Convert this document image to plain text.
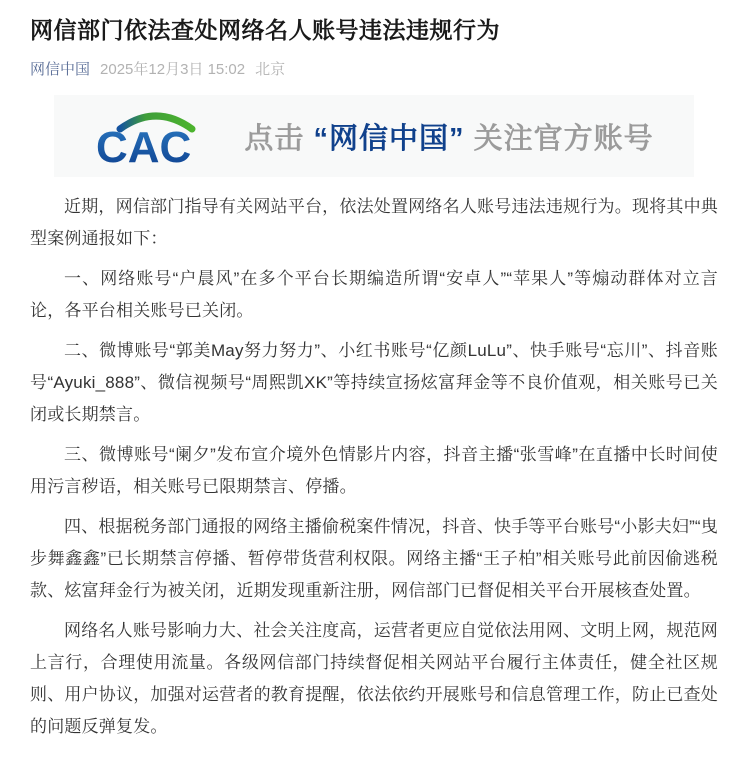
网信部门依法查处网络名人账号违法违规行为
网信中国 2025年12月3日 15:02 北京
CAC 点击 “网信中国” 关注官方账号

近期，网信部门指导有关网站平台，依法处置网络名人账号违法违规行为。现将其中典型案例通报如下：

一、网络账号“户晨风”在多个平台长期编造所谓“安卓人”“苹果人”等煽动群体对立言论，各平台相关账号已关闭。

二、微博账号“郭美May努力努力”、小红书账号“亿颜LuLu”、快手账号“忘川”、抖音账号“Ayuki_888”、微信视频号“周熙凯XK”等持续宣扬炫富拜金等不良价值观，相关账号已关闭或长期禁言。

三、微博账号“阑夕”发布宣介境外色情影片内容，抖音主播“张雪峰”在直播中长时间使用污言秽语，相关账号已限期禁言、停播。

四、根据税务部门通报的网络主播偷税案件情况，抖音、快手等平台账号“小影夫妇”“曳步舞鑫鑫”已长期禁言停播、暂停带货营利权限。网络主播“王子柏”相关账号此前因偷逃税款、炫富拜金行为被关闭，近期发现重新注册，网信部门已督促相关平台开展核查处置。

网络名人账号影响力大、社会关注度高，运营者更应自觉依法用网、文明上网，规范网上言行，合理使用流量。各级网信部门持续督促相关网站平台履行主体责任，健全社区规则、用户协议，加强对运营者的教育提醒，依法依约开展账号和信息管理工作，防止已查处的问题反弹复发。
